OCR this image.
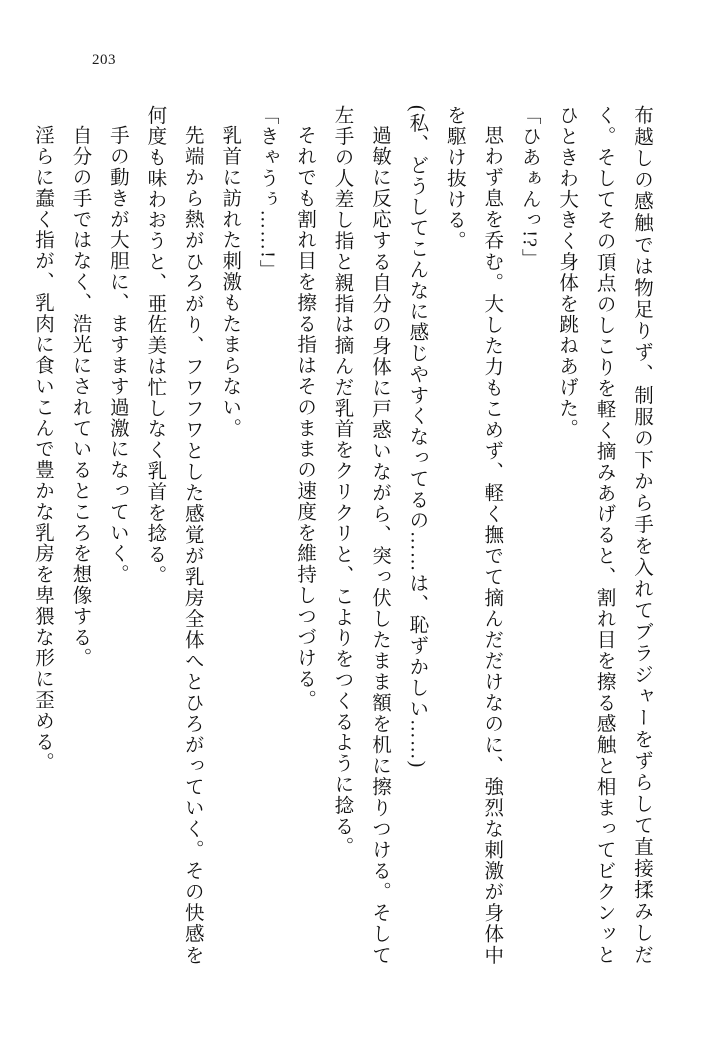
203

布越しの感触では物足りず、制服の下から手を入れてブラジャーをずらして直接揉みしだく。そしてその頂点のしこりを軽く摘みあげると、割れ目を擦る感触と相まってビクンッとひときわ大きく身体を跳ねあげた。

「ひあぁんっ!?」

思わず息を呑む。大した力もこめず、軽く撫でて摘んだだけなのに、強烈な刺激が身体中を駆け抜ける。

(私、どうしてこんなに感じやすくなってるの……は、恥ずかしい……)

過敏に反応する自分の身体に戸惑いながら、突っ伏したまま額を机に擦りつける。そして左手の人差し指と親指は摘んだ乳首をクリクリと、こよりをつくるように捻る。

それでも割れ目を擦る指はそのままの速度を維持しつづける。

「きゃうぅ……!」

乳首に訪れた刺激もたまらない。

先端から熱がひろがり、フワフワとした感覚が乳房全体へとひろがっていく。その快感を何度も味わおうと、亜佐美は忙しなく乳首を捻る。

手の動きが大胆に、ますます過激になっていく。

自分の手ではなく、浩光にされているところを想像する。

淫らに蠢く指が、乳肉に食いこんで豊かな乳房を卑猥な形に歪める。
